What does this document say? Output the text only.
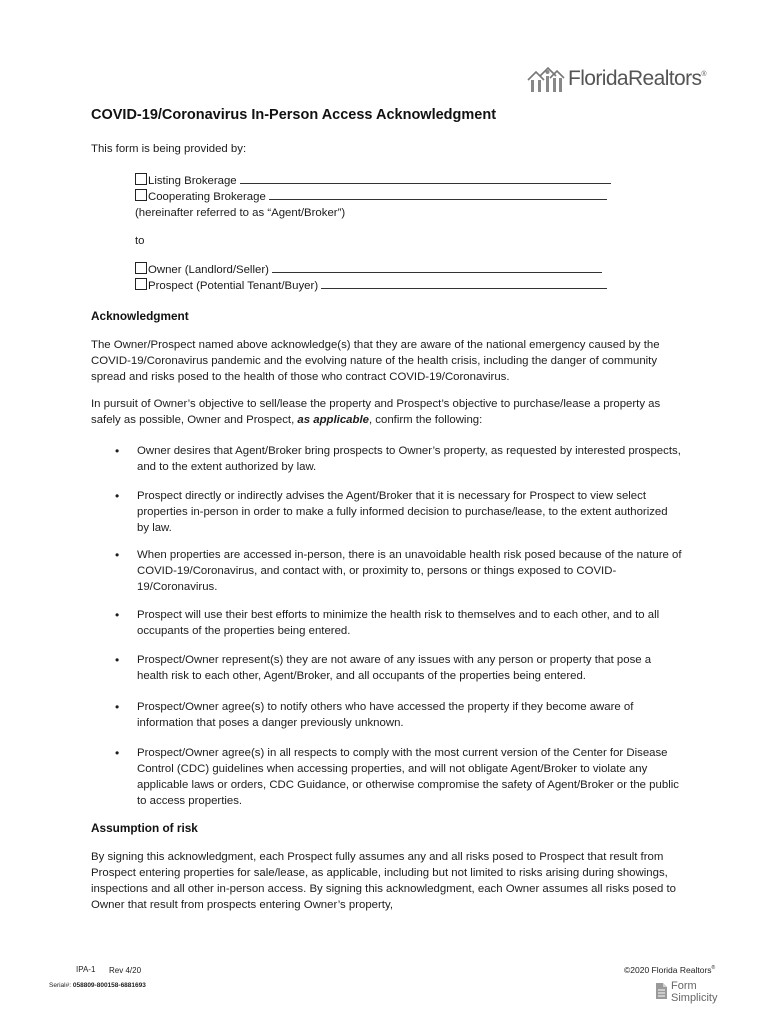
FloridaRealtors®
COVID-19/Coronavirus In-Person Access Acknowledgment
This form is being provided by:
Listing Brokerage
Cooperating Brokerage
(hereinafter referred to as “Agent/Broker”)
to
Owner (Landlord/Seller)
Prospect (Potential Tenant/Buyer)
Acknowledgment
The Owner/Prospect named above acknowledge(s) that they are aware of the national emergency caused by the COVID-19/Coronavirus pandemic and the evolving nature of the health crisis, including the danger of community spread and risks posed to the health of those who contract COVID-19/Coronavirus.
In pursuit of Owner’s objective to sell/lease the property and Prospect’s objective to purchase/lease a property as safely as possible, Owner and Prospect, as applicable, confirm the following:
• Owner desires that Agent/Broker bring prospects to Owner’s property, as requested by interested prospects, and to the extent authorized by law.
• Prospect directly or indirectly advises the Agent/Broker that it is necessary for Prospect to view select properties in-person in order to make a fully informed decision to purchase/lease, to the extent authorized by law.
• When properties are accessed in-person, there is an unavoidable health risk posed because of the nature of COVID-19/Coronavirus, and contact with, or proximity to, persons or things exposed to COVID-19/Coronavirus.
• Prospect will use their best efforts to minimize the health risk to themselves and to each other, and to all occupants of the properties being entered.
• Prospect/Owner represent(s) they are not aware of any issues with any person or property that pose a health risk to each other, Agent/Broker, and all occupants of the properties being entered.
• Prospect/Owner agree(s) to notify others who have accessed the property if they become aware of information that poses a danger previously unknown.
• Prospect/Owner agree(s) in all respects to comply with the most current version of the Center for Disease Control (CDC) guidelines when accessing properties, and will not obligate Agent/Broker to violate any applicable laws or orders, CDC Guidance, or otherwise compromise the safety of Agent/Broker or the public to access properties.
Assumption of risk
By signing this acknowledgment, each Prospect fully assumes any and all risks posed to Prospect that result from Prospect entering properties for sale/lease, as applicable, including but not limited to risks arising during showings, inspections and all other in-person access. By signing this acknowledgment, each Owner assumes all risks posed to Owner that result from prospects entering Owner’s property,
IPA-1 Rev 4/20
Serial#: 058809-800158-6881693
©2020 Florida Realtors®
Form
Simplicity
